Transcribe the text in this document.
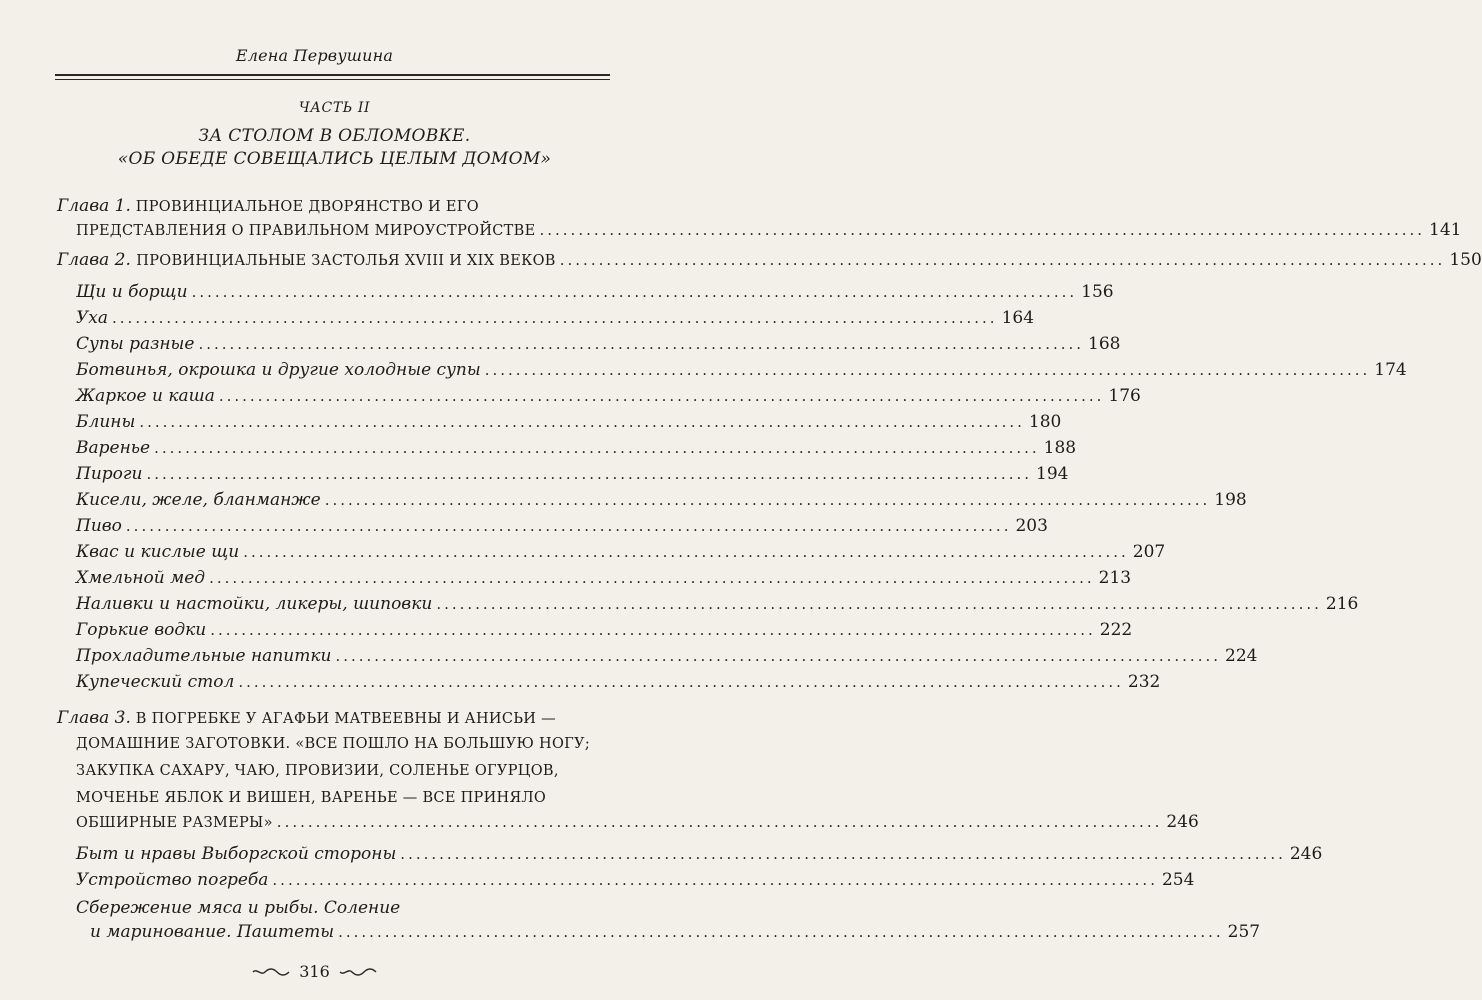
Елена Первушина
ЧАСТЬ II
ЗА СТОЛОМ В ОБЛОМОВКЕ.
«ОБ ОБЕДЕ СОВЕЩАЛИСЬ ЦЕЛЫМ ДОМОМ»
Глава 1. ПРОВИНЦИАЛЬНОЕ ДВОРЯНСТВО И ЕГО
ПРЕДСТАВЛЕНИЯ О ПРАВИЛЬНОМ МИРОУСТРОЙСТВЕ .................................................................................................................. 141
Глава 2. ПРОВИНЦИАЛЬНЫЕ ЗАСТОЛЬЯ XVIII И XIX ВЕКОВ .................................................................................................................. 150
Щи и борщи .................................................................................................................. 156
Уха .................................................................................................................. 164
Супы разные .................................................................................................................. 168
Ботвинья, окрошка и другие холодные супы .................................................................................................................. 174
Жаркое и каша .................................................................................................................. 176
Блины .................................................................................................................. 180
Варенье .................................................................................................................. 188
Пироги .................................................................................................................. 194
Кисели, желе, бланманже .................................................................................................................. 198
Пиво .................................................................................................................. 203
Квас и кислые щи .................................................................................................................. 207
Хмельной мед .................................................................................................................. 213
Наливки и настойки, ликеры, шиповки .................................................................................................................. 216
Горькие водки .................................................................................................................. 222
Прохладительные напитки .................................................................................................................. 224
Купеческий стол .................................................................................................................. 232
Глава 3. В ПОГРЕБКЕ У АГАФЬИ МАТВЕЕВНЫ И АНИСЬИ —
ДОМАШНИЕ ЗАГОТОВКИ. «ВСЕ ПОШЛО НА БОЛЬШУЮ НОГУ;
ЗАКУПКА САХАРУ, ЧАЮ, ПРОВИЗИИ, СОЛЕНЬЕ ОГУРЦОВ,
МОЧЕНЬЕ ЯБЛОК И ВИШЕН, ВАРЕНЬЕ — ВСЕ ПРИНЯЛО
ОБШИРНЫЕ РАЗМЕРЫ» .................................................................................................................. 246
Быт и нравы Выборгской стороны .................................................................................................................. 246
Устройство погреба .................................................................................................................. 254
Сбережение мяса и рыбы. Соление
и маринование. Паштеты .................................................................................................................. 257
316
